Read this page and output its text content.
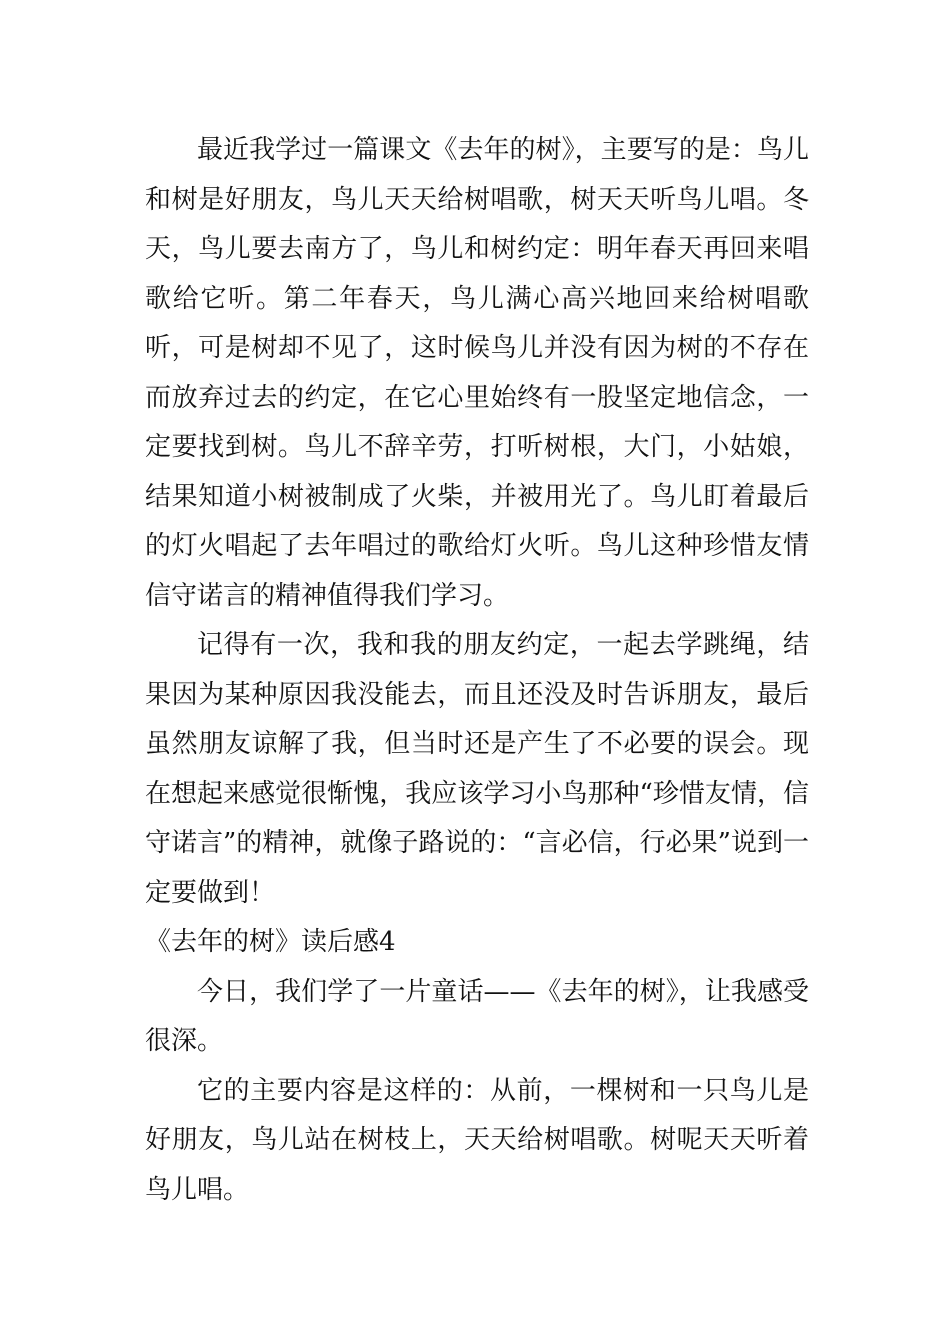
最近我学过一篇课文《去年的树》，主要写的是：鸟儿和树是好朋友，鸟儿天天给树唱歌，树天天听鸟儿唱。冬天，鸟儿要去南方了，鸟儿和树约定：明年春天再回来唱歌给它听。第二年春天，鸟儿满心高兴地回来给树唱歌听，可是树却不见了，这时候鸟儿并没有因为树的不存在而放弃过去的约定，在它心里始终有一股坚定地信念，一定要找到树。鸟儿不辞辛劳，打听树根，大门，小姑娘，结果知道小树被制成了火柴，并被用光了。鸟儿盯着最后的灯火唱起了去年唱过的歌给灯火听。鸟儿这种珍惜友情信守诺言的精神值得我们学习。

记得有一次，我和我的朋友约定，一起去学跳绳，结果因为某种原因我没能去，而且还没及时告诉朋友，最后虽然朋友谅解了我，但当时还是产生了不必要的误会。现在想起来感觉很惭愧，我应该学习小鸟那种“珍惜友情，信守诺言”的精神，就像子路说的：“言必信，行必果”说到一定要做到！

《去年的树》读后感4

今日，我们学了一片童话——《去年的树》，让我感受很深。

它的主要内容是这样的：从前，一棵树和一只鸟儿是好朋友，鸟儿站在树枝上，天天给树唱歌。树呢天天听着鸟儿唱。
